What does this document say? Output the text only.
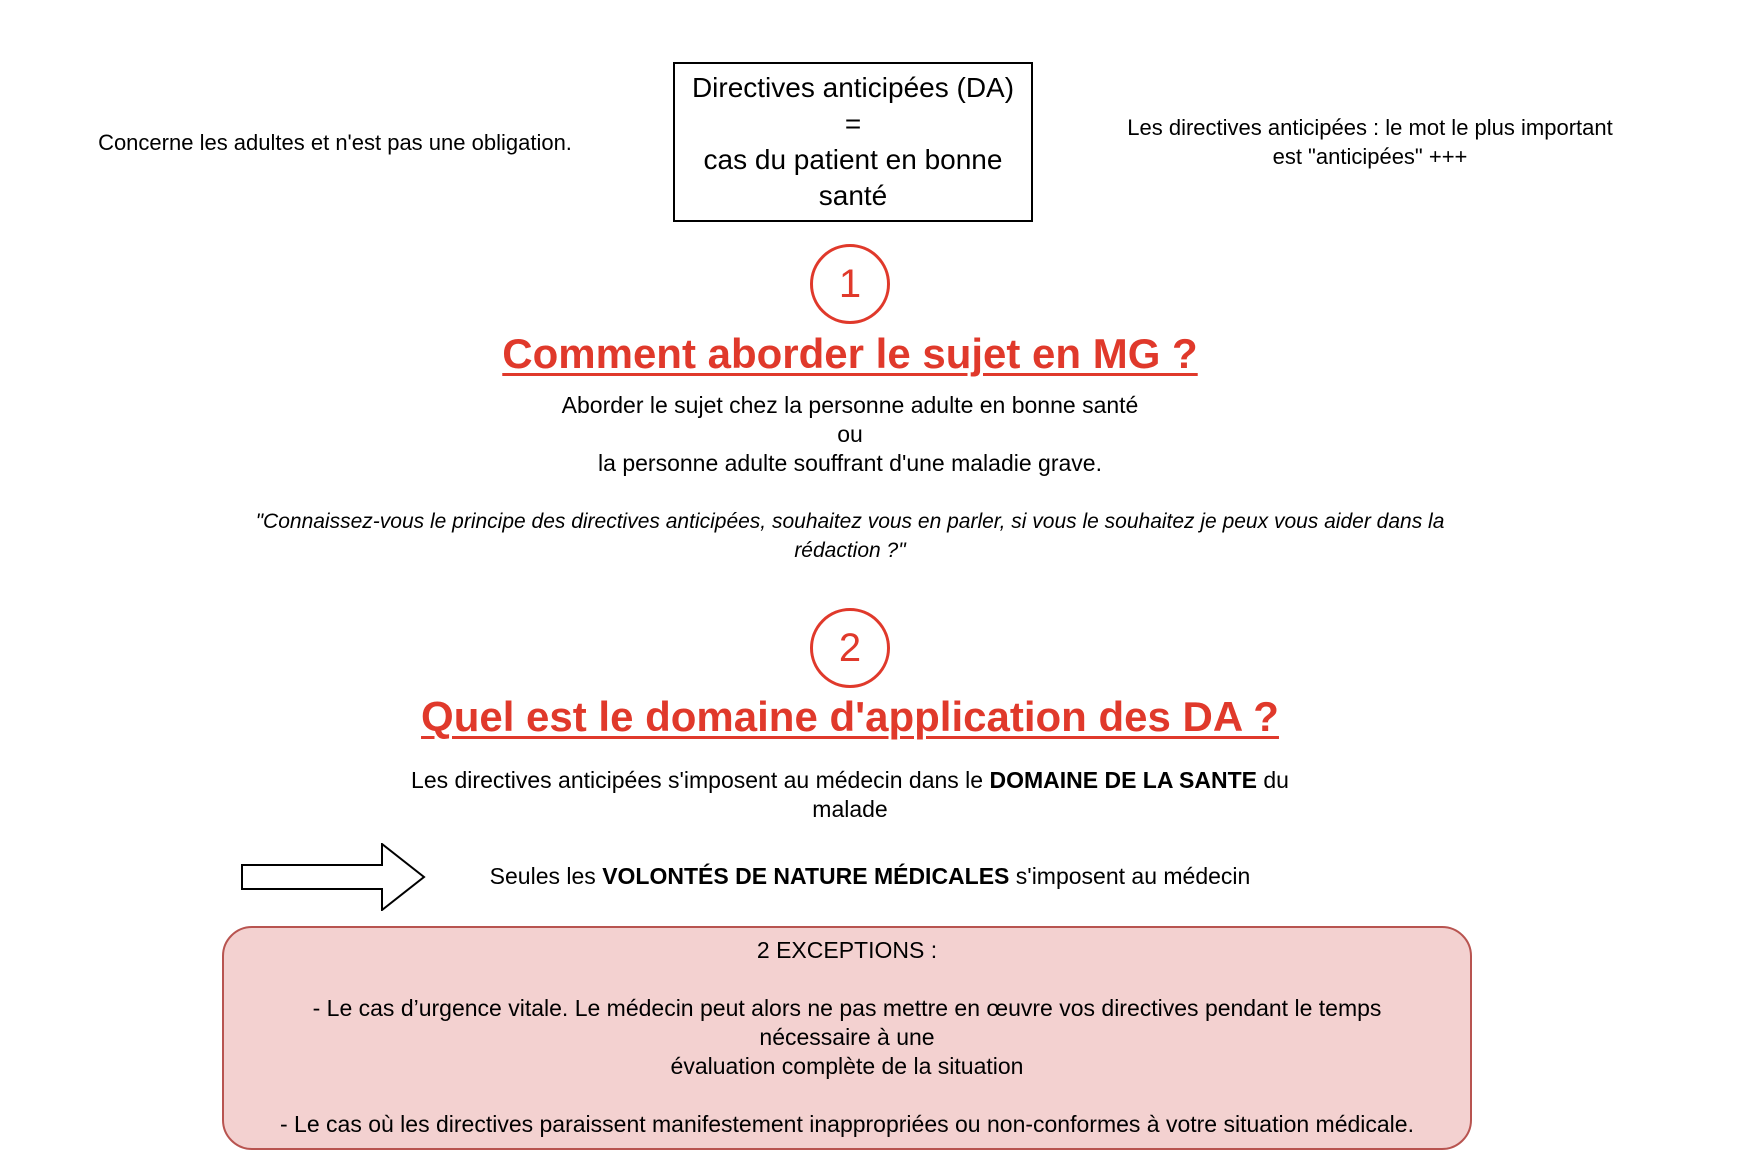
Concerne les adultes et n'est pas une obligation.
Directives anticipées (DA)
=
cas du patient en bonne
santé
Les directives anticipées : le mot le plus important
est "anticipées" +++
1
Comment aborder le sujet en MG ?
Aborder le sujet chez la personne adulte en bonne santé
ou
la personne adulte souffrant d'une maladie grave.
"Connaissez-vous le principe des directives anticipées, souhaitez vous en parler, si vous le souhaitez je peux vous aider dans la
rédaction ?"
2
Quel est le domaine d'application des DA ?
Les directives anticipées s'imposent au médecin dans le DOMAINE DE LA SANTE du
malade
Seules les VOLONTÉS DE NATURE MÉDICALES s'imposent au médecin

2 EXCEPTIONS :

- Le cas d’urgence vitale. Le médecin peut alors ne pas mettre en œuvre vos directives pendant le temps

nécessaire à une

évaluation complète de la situation

- Le cas où les directives paraissent manifestement inappropriées ou non-conformes à votre situation médicale.
